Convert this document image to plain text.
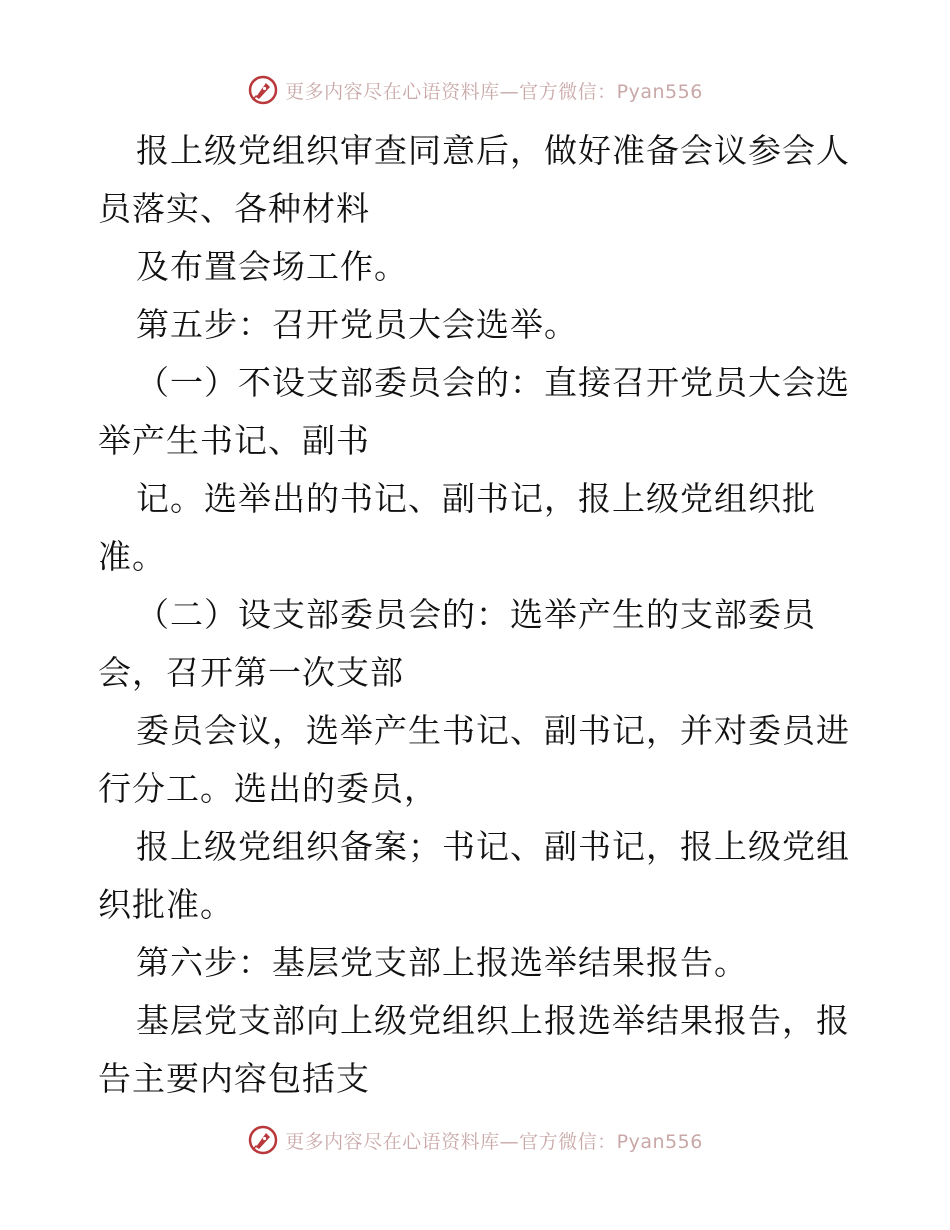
更多内容尽在心语资料库—官方微信：Pyan556
报上级党组织审查同意后，做好准备会议参会人
员落实、各种材料
及布置会场工作。
第五步：召开党员大会选举。
（一）不设支部委员会的：直接召开党员大会选
举产生书记、副书
记。选举出的书记、副书记，报上级党组织批
准。
（二）设支部委员会的：选举产生的支部委员
会，召开第一次支部
委员会议，选举产生书记、副书记，并对委员进
行分工。选出的委员，
报上级党组织备案；书记、副书记，报上级党组
织批准。
第六步：基层党支部上报选举结果报告。
基层党支部向上级党组织上报选举结果报告，报
告主要内容包括支
更多内容尽在心语资料库—官方微信：Pyan556
